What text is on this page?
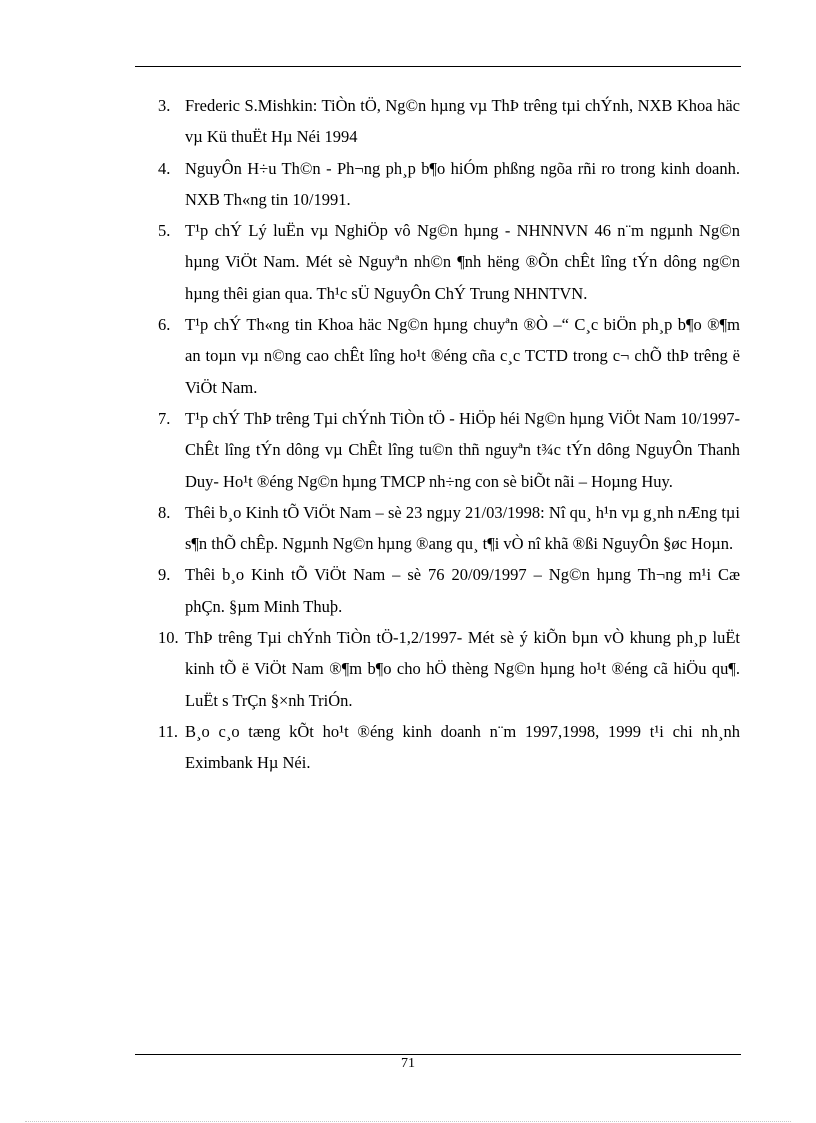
3. Frederic S.Mishkin: TiÒn tÖ, Ng©n hµng vµ ThÞ trêng tµi chÝnh, NXB Khoa häc vµ Kü thuËt Hµ Néi 1994
4. NguyÔn H÷u Th©n - Ph¬ng ph¸p b¶o hiÓm phßng ngõa rñi ro trong kinh doanh. NXB Th«ng tin 10/1991.
5. T¹p chÝ Lý luËn vµ NghiÖp vô Ng©n hµng - NHNNVN 46 n¨m ngµnh Ng©n hµng ViÖt Nam. Mét sè Nguyªn nh©n ¶nh hëng ®Õn chÊt lîng tÝn dông ng©n hµng thêi gian qua. Th¹c sÜ NguyÔn ChÝ Trung NHNTVN.
6. T¹p chÝ Th«ng tin Khoa häc Ng©n hµng chuyªn ®Ò –“ C¸c biÖn ph¸p b¶o ®¶m an toµn vµ n©ng cao chÊt lîng ho¹t ®éng cña c¸c TCTD trong c¬ chÕ thÞ trêng ë ViÖt Nam.
7. T¹p chÝ ThÞ trêng Tµi chÝnh TiÒn tÖ - HiÖp héi Ng©n hµng ViÖt Nam 10/1997- ChÊt lîng tÝn dông vµ ChÊt lîng tu©n thñ nguyªn t¾c tÝn dông NguyÔn Thanh Duy- Ho¹t ®éng Ng©n hµng TMCP nh÷ng con sè biÕt nãi – Hoµng Huy.
8. Thêi b¸o Kinh tÕ ViÖt Nam – sè 23 ngµy 21/03/1998: Nî qu¸ h¹n vµ g¸nh nÆng tµi s¶n thÕ chÊp. Ngµnh Ng©n hµng ®ang qu¸ t¶i vÒ nî khã ®ßi NguyÔn §øc Hoµn.
9. Thêi b¸o Kinh tÕ ViÖt Nam – sè 76 20/09/1997 – Ng©n hµng Th¬ng m¹i Cæ phÇn. §µm Minh Thuþ.
10. ThÞ trêng Tµi chÝnh TiÒn tÖ-1,2/1997- Mét sè ý kiÕn bµn vÒ khung ph¸p luËt kinh tÕ ë ViÖt Nam ®¶m b¶o cho hÖ thèng Ng©n hµng ho¹t ®éng cã hiÖu qu¶. LuËt s TrÇn §×nh TriÓn.
11. B¸o c¸o tæng kÕt ho¹t ®éng kinh doanh n¨m 1997,1998, 1999 t¹i chi nh¸nh Eximbank Hµ Néi.
71
